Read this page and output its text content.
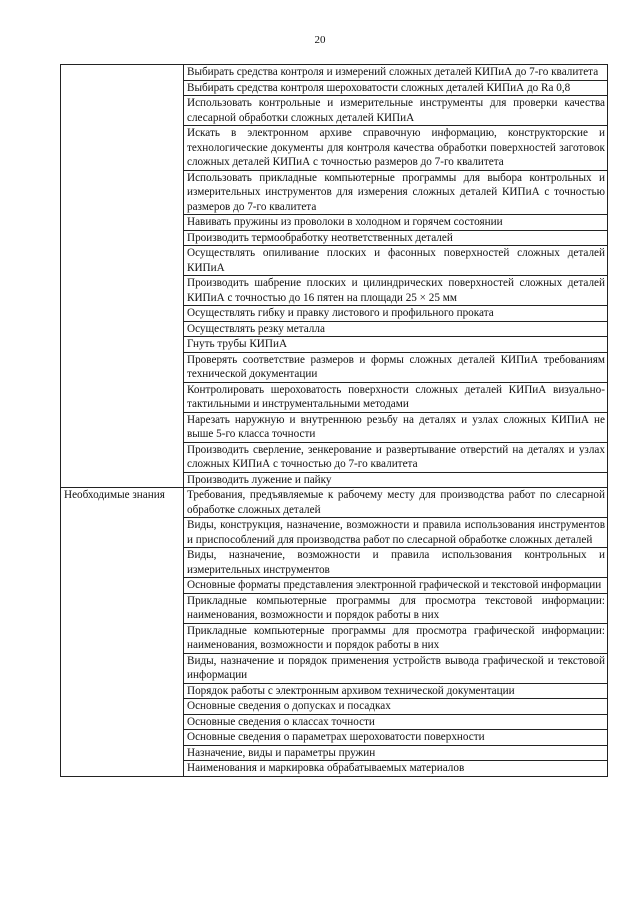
20
	Выбирать средства контроля и измерений сложных деталей КИПиА до 7-го квалитета
	Выбирать средства контроля шероховатости сложных деталей КИПиА до Ra 0,8
	Использовать контрольные и измерительные инструменты для проверки качества слесарной обработки сложных деталей КИПиА
	Искать в электронном архиве справочную информацию, конструкторские и технологические документы для контроля качества обработки поверхностей заготовок сложных деталей КИПиА с точностью размеров до 7-го квалитета
	Использовать прикладные компьютерные программы для выбора контрольных и измерительных инструментов для измерения сложных деталей КИПиА с точностью размеров до 7-го квалитета
	Навивать пружины из проволоки в холодном и горячем состоянии
	Производить термообработку неответственных деталей
	Осуществлять опиливание плоских и фасонных поверхностей сложных деталей КИПиА
	Производить шабрение плоских и цилиндрических поверхностей сложных деталей КИПиА с точностью до 16 пятен на площади 25 × 25 мм
	Осуществлять гибку и правку листового и профильного проката
	Осуществлять резку металла
	Гнуть трубы КИПиА
	Проверять соответствие размеров и формы сложных деталей КИПиА требованиям технической документации
	Контролировать шероховатость поверхности сложных деталей КИПиА визуально-тактильными и инструментальными методами
	Нарезать наружную и внутреннюю резьбу на деталях и узлах сложных КИПиА не выше 5-го класса точности
	Производить сверление, зенкерование и развертывание отверстий на деталях и узлах сложных КИПиА с точностью до 7-го квалитета
	Производить лужение и пайку
Необходимые знания	Требования, предъявляемые к рабочему месту для производства работ по слесарной обработке сложных деталей
	Виды, конструкция, назначение, возможности и правила использования инструментов и приспособлений для производства работ по слесарной обработке сложных деталей
	Виды, назначение, возможности и правила использования контрольных и измерительных инструментов
	Основные форматы представления электронной графической и текстовой информации
	Прикладные компьютерные программы для просмотра текстовой информации: наименования, возможности и порядок работы в них
	Прикладные компьютерные программы для просмотра графической информации: наименования, возможности и порядок работы в них
	Виды, назначение и порядок применения устройств вывода графической и текстовой информации
	Порядок работы с электронным архивом технической документации
	Основные сведения о допусках и посадках
	Основные сведения о классах точности
	Основные сведения о параметрах шероховатости поверхности
	Назначение, виды и параметры пружин
	Наименования и маркировка обрабатываемых материалов
